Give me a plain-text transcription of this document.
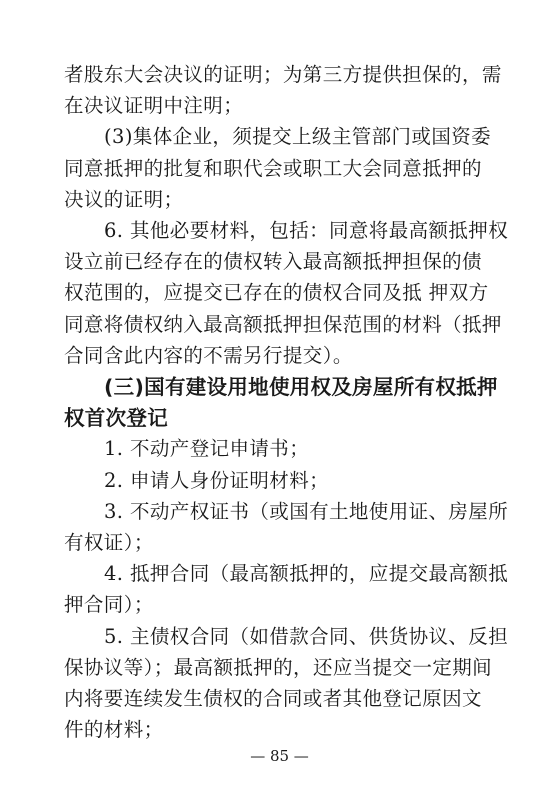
者股东大会决议的证明；为第三方提供担保的，需
在决议证明中注明；
(3)集体企业，须提交上级主管部门或国资委
同意抵押的批复和职代会或职工大会同意抵押的
决议的证明；
6. 其他必要材料，包括：同意将最高额抵押权
设立前已经存在的债权转入最高额抵押担保的债
权范围的，应提交已存在的债权合同及抵 押双方
同意将债权纳入最高额抵押担保范围的材料（抵押
合同含此内容的不需另行提交）。
(三)国有建设用地使用权及房屋所有权抵押
权首次登记
1. 不动产登记申请书；
2. 申请人身份证明材料；
3. 不动产权证书（或国有土地使用证、房屋所
有权证）；
4. 抵押合同（最高额抵押的，应提交最高额抵
押合同）；
5. 主债权合同（如借款合同、供货协议、反担
保协议等）；最高额抵押的，还应当提交一定期间
内将要连续发生债权的合同或者其他登记原因文
件的材料；
— 85 —
